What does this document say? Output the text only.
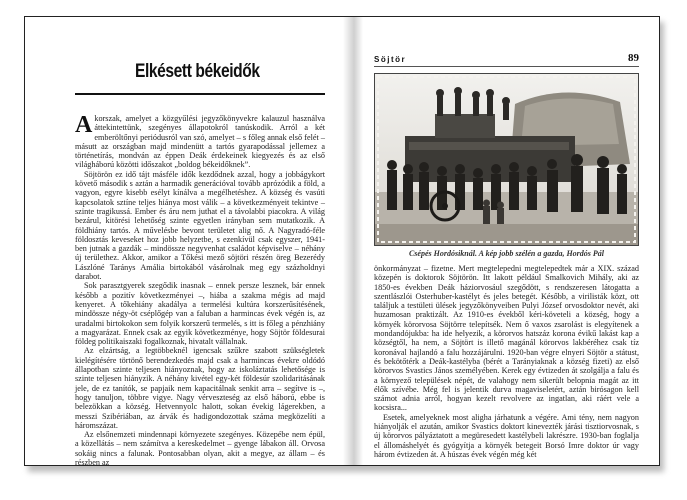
Elkésett békeidők

A korszak, amelyet a közgyűlési jegyzőkönyvekre kalauzul használva áttekintettünk, szegényes állapotokról tanúskodik. Arról a két emberöltőnyi periódusról van szó, amelyet – s főleg annak első felét – másutt az országban majd mindenütt a tartós gyarapodással jellemez a történetírás, mondván az éppen Deák érdekeinek kiegyezés és az első világháború közötti időszakot „boldog békeidőknek”.

Söjtörön ez idő tájt másféle idők kezdődnek azzal, hogy a jobbágykort követő második s aztán a harmadik generációval tovább aprózódik a föld, a vagyon, egyre kisebb esélyt kínálva a megélhetéshez. A község és vasúti kapcsolatok sztíne teljes hiánya most válik – a következményeit tekintve – szinte tragikussá. Ember és áru nem juthat el a távolabbi piacokra. A világ bezárul, kitörési lehetőség szinte egyetlen irányban sem mutatkozik. A földhiány tartós. A művelésbe bevont területet alig nő. A Nagyradó-féle földosztás keveseket hoz jobb helyzetbe, s ezenkívül csak egyszer, 1941-ben jutnak a gazdák – mindössze negyvenhat családot képviselve – néhány új területhez. Akkor, amikor a Tőkési mező söjtöri részén öreg Bezerédy Lászlóné Taránys Amália birtokából vásárolnak meg egy százholdnyi darabot.

Sok parasztgyerek szegődik inasnak – ennek persze lesznek, bár ennek később a pozitív következményei –, hiába a szakma mégis ad majd kenyeret. A tőkehiány akadálya a termelési kultúra korszerűsítésének, mindössze négy-öt cséplőgép van a faluban a harmincas évek végén is, az uradalmi birtokokon sem folyik korszerű termelés, s itt is főleg a pénzhiány a magyarázat. Ennek csak az egyik következménye, hogy Söjtör földesurai földeg politikaiszaki fogalkoznak, hivatalt vállalnak.

Az elzártság, a legtöbbeknél igencsak szűkre szabott szükségletek kielégítésére törtönő berendezkedés majd csak a harmincas évekre oldódó állapotban szinte teljesen hiányoznak, hogy az iskoláztatás lehetősége is szinte teljesen hiányzik. A néhány kivétel egy-két földesúr szolidaritásának jele, de ez tanítók, se papjaik nem kapacitálnak senkit arra – segítve is –, hogy tanuljon, többre vigye. Nagy vérveszteség az első háború, ebbe is belezökkan a község. Hetvennyolc halott, sokan évekig lágerekben, a messzi Szibériában, az árvák és hadigondozottak száma megközelíti a háromszázat.

Az elsőnemzeti mindennapi környezete szegényes. Közepébe nem épül, a közellátás – nem számítva a kereskedelmet – gyenge lábakon áll. Orvosa sokáig nincs a falunak. Pontosabban olyan, akit a megye, az állam – és részben az

Söjtör	89
Csépés Hordósiknál. A kép jobb szélén a gazda, Hordós Pál

önkormányzat – fizetne. Mert megtelepedni megtelepedtek már a XIX. század közepén is doktorok Söjtörön. Itt lakott például Smalkovich Mihály, aki az 1850-es években Deák háziorvosául szegődött, s rendszeresen látogatta a szentlászlói Osterhuber-kastélyt és jeles betegét. Később, a virilisták közt, ott találjuk a testületi ülések jegyzőkönyveiben Pulyi József orvosdoktor nevét, aki huzamosan praktizált. Az 1910-es évekből kéri-követeli a község, hogy a környék körorvosa Söjtörre telepítsék. Nem ő vaxos zsarolást is elegyítenek a mondandójukba: ha ide helyezik, a körorvos hatszáz korona évikű lakást kap a községtől, ha nem, a Söjtört is illető magánál körorvos lakbéréhez csak tíz koronával hajlandó a falu hozzájárulni. 1920-ban végre elnyeri Söjtör a státust, és bekötőtérk a Deák-kastélyba (bérét a Tarányiaknak a község fizeti) az első körorvos Svastics János személyében. Kerek egy évtizeden át szolgálja a falu és a környező települések népét, de valahogy nem sikerült belopnia magát az itt élők szívébe. Még fel is jelentik durva magaviseletért, aztán birósagon kell számot adnia arról, hogyan kezelt revolvere az ingatlan, aki ráért vele a kocsisra...

Esetek, amelyeknek most aligha járhatunk a végére. Ami tény, nem nagyon hiányolják el azután, amikor Svastics doktort kinevezték járási tisztiorvosnak, s új körorvos pályáztatott a megüresedett kastélybeli lakrészre. 1930-ban foglalja el állomáshelyét és gyógyítja a környék betegeit Borsó Imre doktor úr vagy három évtizeden át. A húszas évek végén még két
